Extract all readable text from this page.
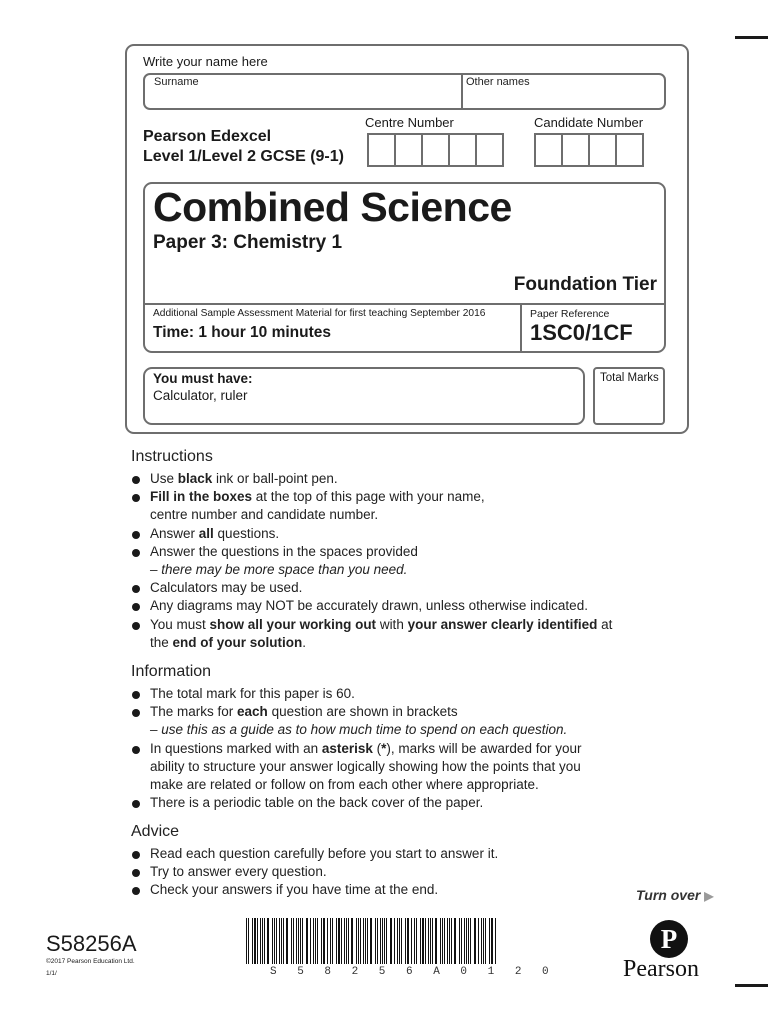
Write your name here
Surname	Other names
Pearson Edexcel
Level 1/Level 2 GCSE (9-1)
Centre Number	Candidate Number
Combined Science
Paper 3: Chemistry 1
Foundation Tier
Additional Sample Assessment Material for first teaching September 2016
Time: 1 hour 10 minutes
Paper Reference
1SC0/1CF
You must have:
Calculator, ruler
Total Marks
Instructions
Use black ink or ball-point pen.
Fill in the boxes at the top of this page with your name,
centre number and candidate number.
Answer all questions.
Answer the questions in the spaces provided
– there may be more space than you need.
Calculators may be used.
Any diagrams may NOT be accurately drawn, unless otherwise indicated.
You must show all your working out with your answer clearly identified at
the end of your solution.
Information
The total mark for this paper is 60.
The marks for each question are shown in brackets
– use this as a guide as to how much time to spend on each question.
In questions marked with an asterisk (*), marks will be awarded for your
ability to structure your answer logically showing how the points that you
make are related or follow on from each other where appropriate.
There is a periodic table on the back cover of the paper.
Advice
Read each question carefully before you start to answer it.
Try to answer every question.
Check your answers if you have time at the end.	Turn over ▶
S58256A
©2017 Pearson Education Ltd.
1/1/	S 5 8 2 5 6 A 0 1 2 0
P
Pearson
